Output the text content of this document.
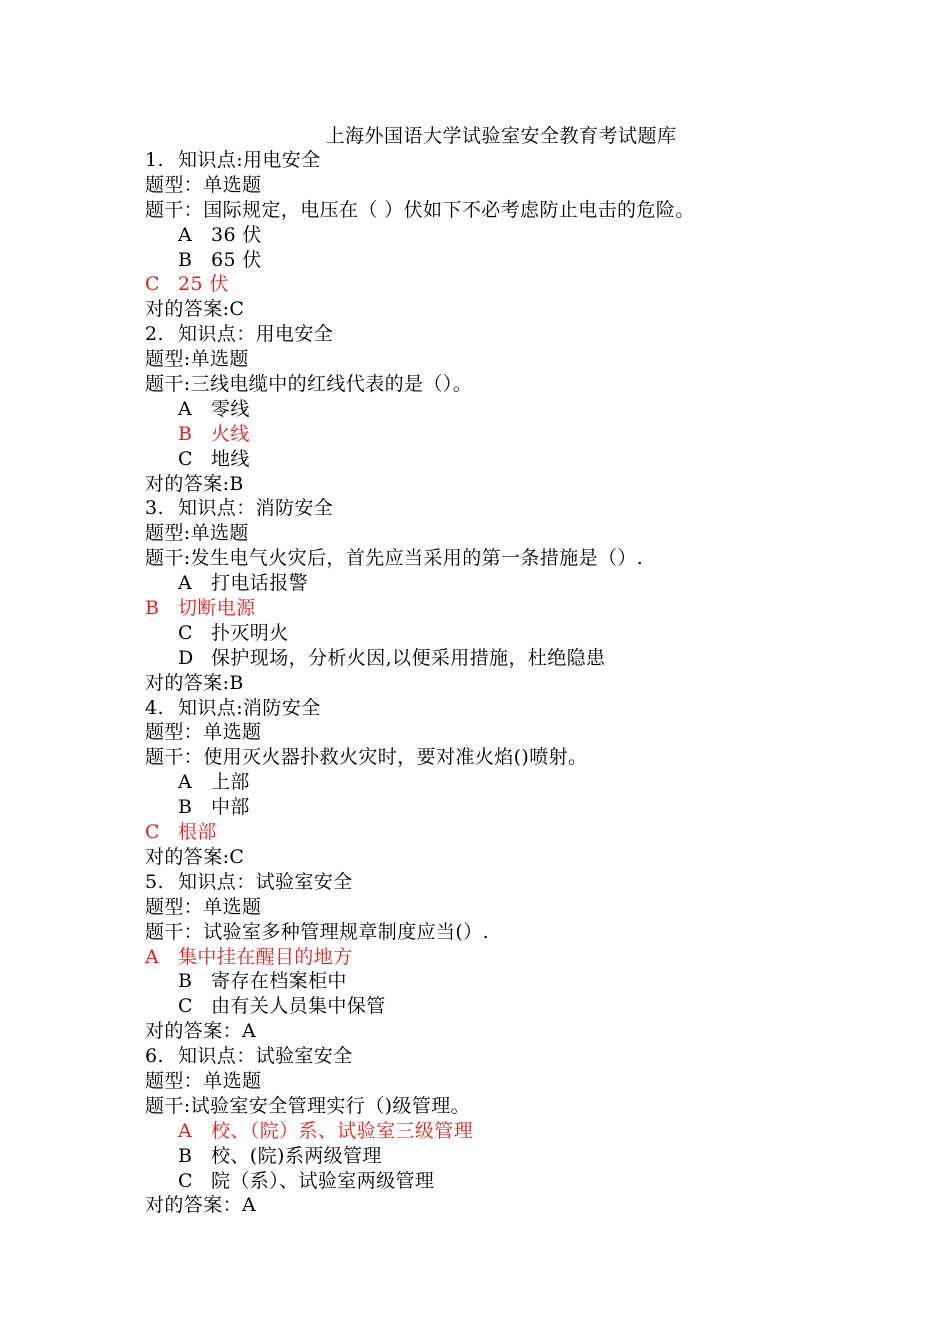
上海外国语大学试验室安全教育考试题库
1. 知识点:用电安全
题型：单选题
题干：国际规定，电压在（ ）伏如下不必考虑防止电击的危险。
A 36 伏
B 65 伏
C 25 伏
对的答案:C
2. 知识点：用电安全
题型:单选题
题干:三线电缆中的红线代表的是（）。
A 零线
B 火线
C 地线
对的答案:B
3. 知识点：消防安全
题型:单选题
题干:发生电气火灾后，首先应当采用的第一条措施是（）.
A 打电话报警
B 切断电源
C 扑灭明火
D 保护现场，分析火因,以便采用措施，杜绝隐患
对的答案:B
4. 知识点:消防安全
题型：单选题
题干：使用灭火器扑救火灾时，要对准火焰()喷射。
A 上部
B 中部
C 根部
对的答案:C
5. 知识点：试验室安全
题型：单选题
题干：试验室多种管理规章制度应当(）.
A 集中挂在醒目的地方
B 寄存在档案柜中
C 由有关人员集中保管
对的答案：A
6. 知识点：试验室安全
题型：单选题
题干:试验室安全管理实行（)级管理。
A 校、（院）系、试验室三级管理
B 校、(院)系两级管理
C 院（系）、试验室两级管理
对的答案：A
